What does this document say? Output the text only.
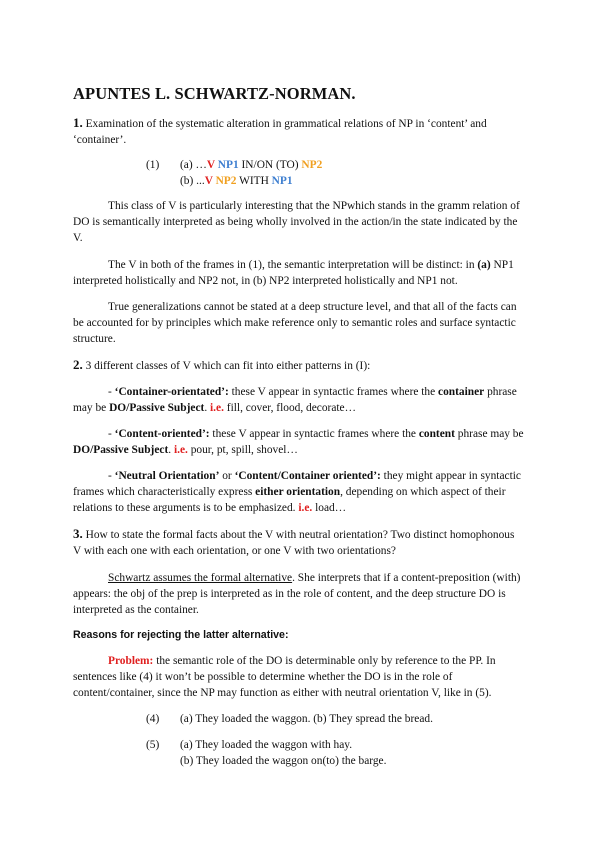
APUNTES L. SCHWARTZ-NORMAN.
1. Examination of the systematic alteration in grammatical relations of NP in ‘content’ and ‘container’.
(1) (a) …V NP1 IN/ON (TO) NP2
(b) ...V NP2 WITH NP1
This class of V is particularly interesting that the NPwhich stands in the gramm relation of DO is semantically interpreted as being wholly involved in the action/in the state indicated by the V.
The V in both of the frames in (1), the semantic interpretation will be distinct: in (a) NP1 interpreted holistically and NP2 not, in (b) NP2 interpreted holistically and NP1 not.
True generalizations cannot be stated at a deep structure level, and that all of the facts can be accounted for by principles which make reference only to semantic roles and surface syntactic structure.
2. 3 different classes of V which can fit into either patterns in (I):
- ‘Container-orientated’: these V appear in syntactic frames where the container phrase may be DO/Passive Subject. i.e. fill, cover, flood, decorate…
- ‘Content-oriented’: these V appear in syntactic frames where the content phrase may be DO/Passive Subject. i.e. pour, pt, spill, shovel…
- ‘Neutral Orientation’ or ‘Content/Container oriented’: they might appear in syntactic frames which characteristically express either orientation, depending on which aspect of their relations to these arguments is to be emphasized. i.e. load…
3. How to state the formal facts about the V with neutral orientation? Two distinct homophonous V with each one with each orientation, or one V with two orientations?
Schwartz assumes the formal alternative. She interprets that if a content-preposition (with) appears: the obj of the prep is interpreted as in the role of content, and the deep structure DO is interpreted as the container.
Reasons for rejecting the latter alternative:
Problem: the semantic role of the DO is determinable only by reference to the PP. In sentences like (4) it won’t be possible to determine whether the DO is in the role of content/container, since the NP may function as either with neutral orientation V, like in (5).
(4) (a) They loaded the waggon. (b) They spread the bread.
(5) (a) They loaded the waggon with hay.
(b) They loaded the waggon on(to) the barge.
